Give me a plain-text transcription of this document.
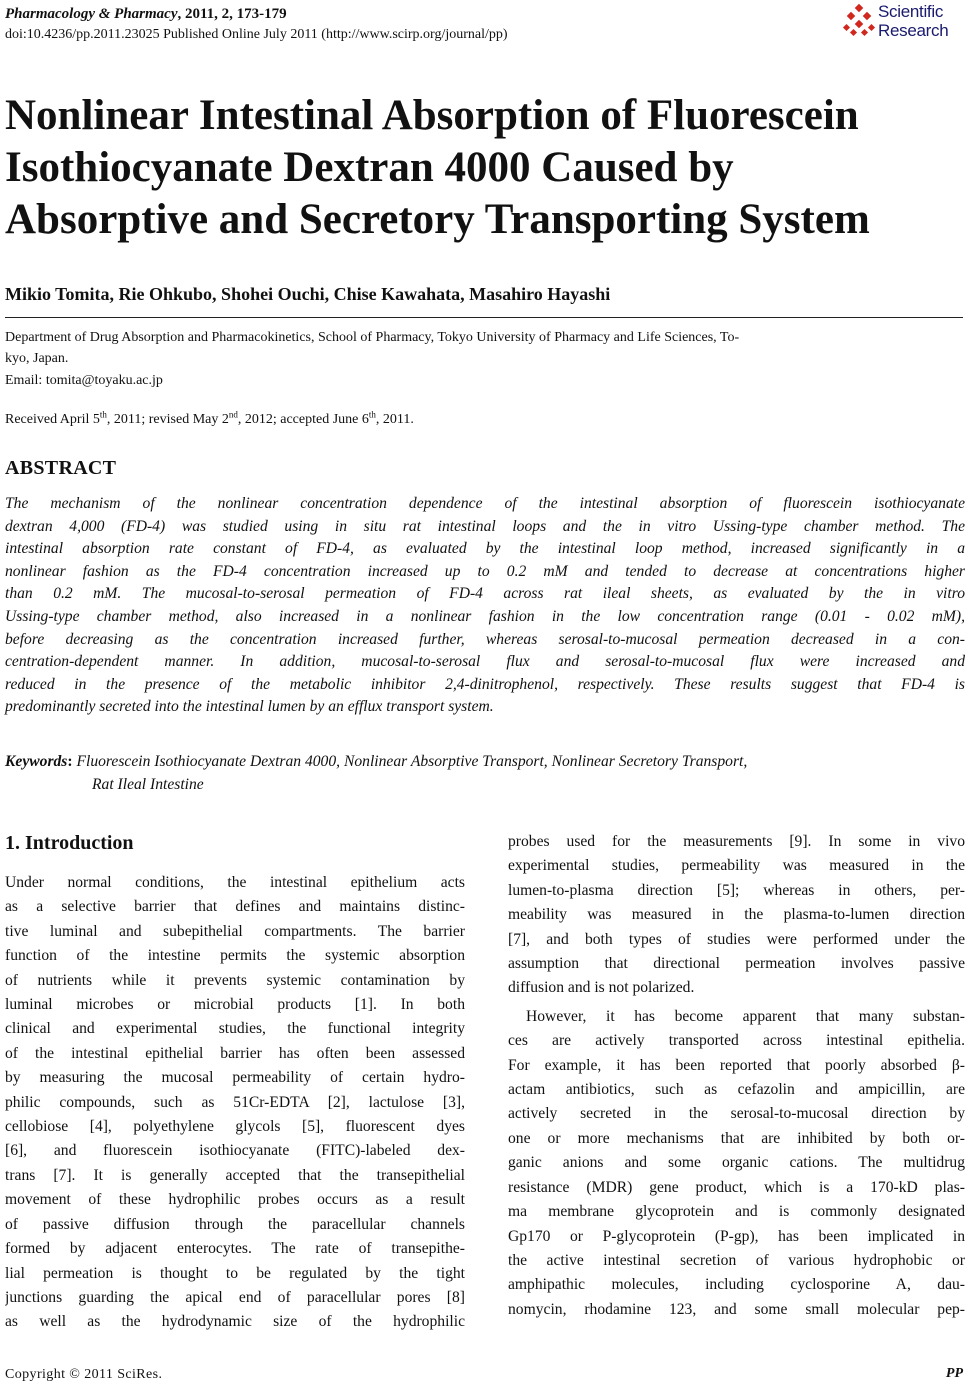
Pharmacology & Pharmacy, 2011, 2, 173-179
doi:10.4236/pp.2011.23025 Published Online July 2011 (http://www.scirp.org/journal/pp)
Scientific
Research
Nonlinear Intestinal Absorption of Fluorescein
Isothiocyanate Dextran 4000 Caused by
Absorptive and Secretory Transporting System
Mikio Tomita, Rie Ohkubo, Shohei Ouchi, Chise Kawahata, Masahiro Hayashi
Department of Drug Absorption and Pharmacokinetics, School of Pharmacy, Tokyo University of Pharmacy and Life Sciences, To-
kyo, Japan.
Email: tomita@toyaku.ac.jp
Received April 5th, 2011; revised May 2nd, 2012; accepted June 6th, 2011.
ABSTRACT
The mechanism of the nonlinear concentration dependence of the intestinal absorption of fluorescein isothiocyanate
dextran 4,000 (FD-4) was studied using in situ rat intestinal loops and the in vitro Ussing-type chamber method. The
intestinal absorption rate constant of FD-4, as evaluated by the intestinal loop method, increased significantly in a
nonlinear fashion as the FD-4 concentration increased up to 0.2 mM and tended to decrease at concentrations higher
than 0.2 mM. The mucosal-to-serosal permeation of FD-4 across rat ileal sheets, as evaluated by the in vitro
Ussing-type chamber method, also increased in a nonlinear fashion in the low concentration range (0.01 - 0.02 mM),
before decreasing as the concentration increased further, whereas serosal-to-mucosal permeation decreased in a con-
centration-dependent manner. In addition, mucosal-to-serosal flux and serosal-to-mucosal flux were increased and
reduced in the presence of the metabolic inhibitor 2,4-dinitrophenol, respectively. These results suggest that FD-4 is
predominantly secreted into the intestinal lumen by an efflux transport system.
Keywords: Fluorescein Isothiocyanate Dextran 4000, Nonlinear Absorptive Transport, Nonlinear Secretory Transport,
Rat Ileal Intestine
1. Introduction
Under normal conditions, the intestinal epithelium acts
as a selective barrier that defines and maintains distinc-
tive luminal and subepithelial compartments. The barrier
function of the intestine permits the systemic absorption
of nutrients while it prevents systemic contamination by
luminal microbes or microbial products [1]. In both
clinical and experimental studies, the functional integrity
of the intestinal epithelial barrier has often been assessed
by measuring the mucosal permeability of certain hydro-
philic compounds, such as 51Cr-EDTA [2], lactulose [3],
cellobiose [4], polyethylene glycols [5], fluorescent dyes
[6], and fluorescein isothiocyanate (FITC)-labeled dex-
trans [7]. It is generally accepted that the transepithelial
movement of these hydrophilic probes occurs as a result
of passive diffusion through the paracellular channels
formed by adjacent enterocytes. The rate of transepithe-
lial permeation is thought to be regulated by the tight
junctions guarding the apical end of paracellular pores [8]
as well as the hydrodynamic size of the hydrophilic
probes used for the measurements [9]. In some in vivo
experimental studies, permeability was measured in the
lumen-to-plasma direction [5]; whereas in others, per-
meability was measured in the plasma-to-lumen direction
[7], and both types of studies were performed under the
assumption that directional permeation involves passive
diffusion and is not polarized.
However, it has become apparent that many substan-
ces are actively transported across intestinal epithelia.
For example, it has been reported that poorly absorbed β-
actam antibiotics, such as cefazolin and ampicillin, are
actively secreted in the serosal-to-mucosal direction by
one or more mechanisms that are inhibited by both or-
ganic anions and some organic cations. The multidrug
resistance (MDR) gene product, which is a 170-kD plas-
ma membrane glycoprotein and is commonly designated
Gp170 or P-glycoprotein (P-gp), has been implicated in
the active intestinal secretion of various hydrophobic or
amphipathic molecules, including cyclosporine A, dau-
nomycin, rhodamine 123, and some small molecular pep-
Copyright © 2011 SciRes.	PP
